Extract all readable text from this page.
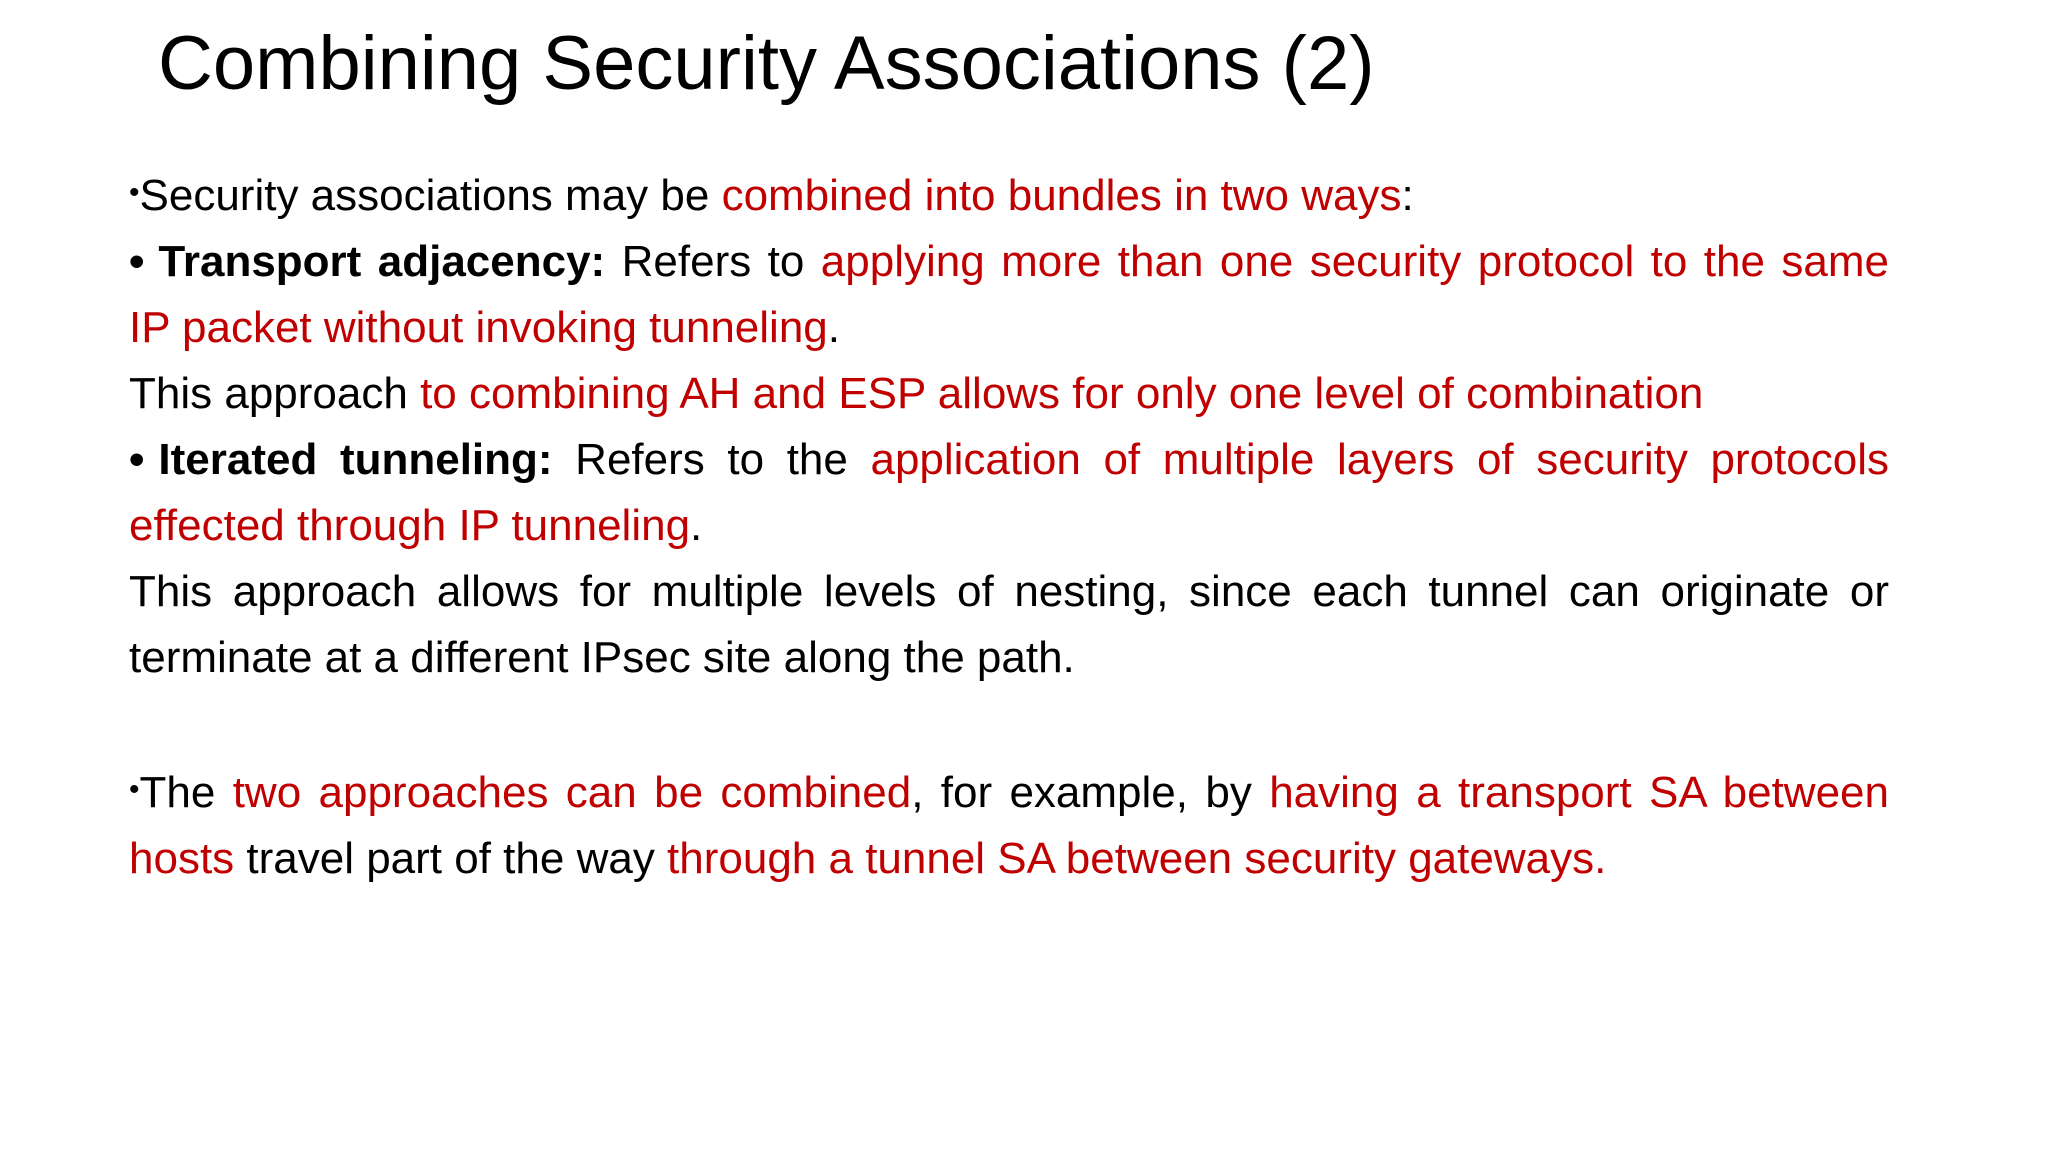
Combining Security Associations (2)

•Security associations may be combined into bundles in two ways:

• Transport adjacency: Refers to applying more than one security protocol to the same IP packet without invoking tunneling.

This approach to combining AH and ESP allows for only one level of combination

• Iterated tunneling: Refers to the application of multiple layers of security protocols effected through IP tunneling.

This approach allows for multiple levels of nesting, since each tunnel can originate or terminate at a different IPsec site along the path.

•The two approaches can be combined, for example, by having a transport SA between hosts travel part of the way through a tunnel SA between security gateways.
